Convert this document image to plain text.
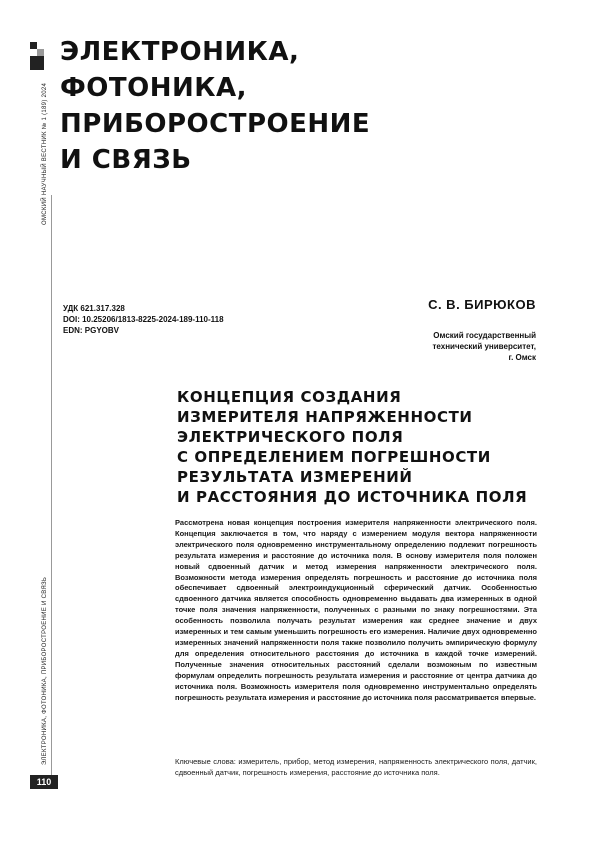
ЭЛЕКТРОНИКА,
ФОТОНИКА,
ПРИБОРОСТРОЕНИЕ
И СВЯЗЬ
ОМСКИЙ НАУЧНЫЙ ВЕСТНИК № 1 (189) 2024
ЭЛЕКТРОНИКА, ФОТОНИКА, ПРИБОРОСТРОЕНИЕ И СВЯЗЬ
110
УДК 621.317.328
DOI: 10.25206/1813-8225-2024-189-110-118
EDN: PGYOBV
С. В. БИРЮКОВ
Омский государственный
технический университет,
г. Омск
КОНЦЕПЦИЯ СОЗДАНИЯ
ИЗМЕРИТЕЛЯ НАПРЯЖЕННОСТИ
ЭЛЕКТРИЧЕСКОГО ПОЛЯ
С ОПРЕДЕЛЕНИЕМ ПОГРЕШНОСТИ
РЕЗУЛЬТАТА ИЗМЕРЕНИЙ
И РАССТОЯНИЯ ДО ИСТОЧНИКА ПОЛЯ
Рассмотрена новая концепция построения измерителя напряженности электрического поля. Концепция заключается в том, что наряду с измерением модуля вектора напряженности электрического поля одновременно инструментальному определению подлежит погрешность результата измерения и расстояние до источника поля. В основу измерителя поля положен новый сдвоенный датчик и метод измерения напряженности электрического поля. Возможности метода измерения определять погрешность и расстояние до источника поля обеспечивает сдвоенный электроиндукционный сферический датчик. Особенностью сдвоенного датчика является способность одновременно выдавать два измеренных в одной точке поля значения напряженности, полученных с разными по знаку погрешностями. Эта особенность позволила получать результат измерения как среднее значение и двух измеренных и тем самым уменьшить погрешность его измерения. Наличие двух одновременно измеренных значений напряженности поля также позволило получить эмпирическую формулу для определения относительного расстояния до источника в каждой точке измерений. Полученные значения относительных расстояний сделали возможным по известным формулам определить погрешность результата измерения и расстояние от центра датчика до источника поля. Возможность измерителя поля одновременно инструментально определять погрешность результата измерения и расстояние до источника поля рассматривается впервые.
Ключевые слова: измеритель, прибор, метод измерения, напряженность электрического поля, датчик, сдвоенный датчик, погрешность измерения, расстояние до источника поля.
